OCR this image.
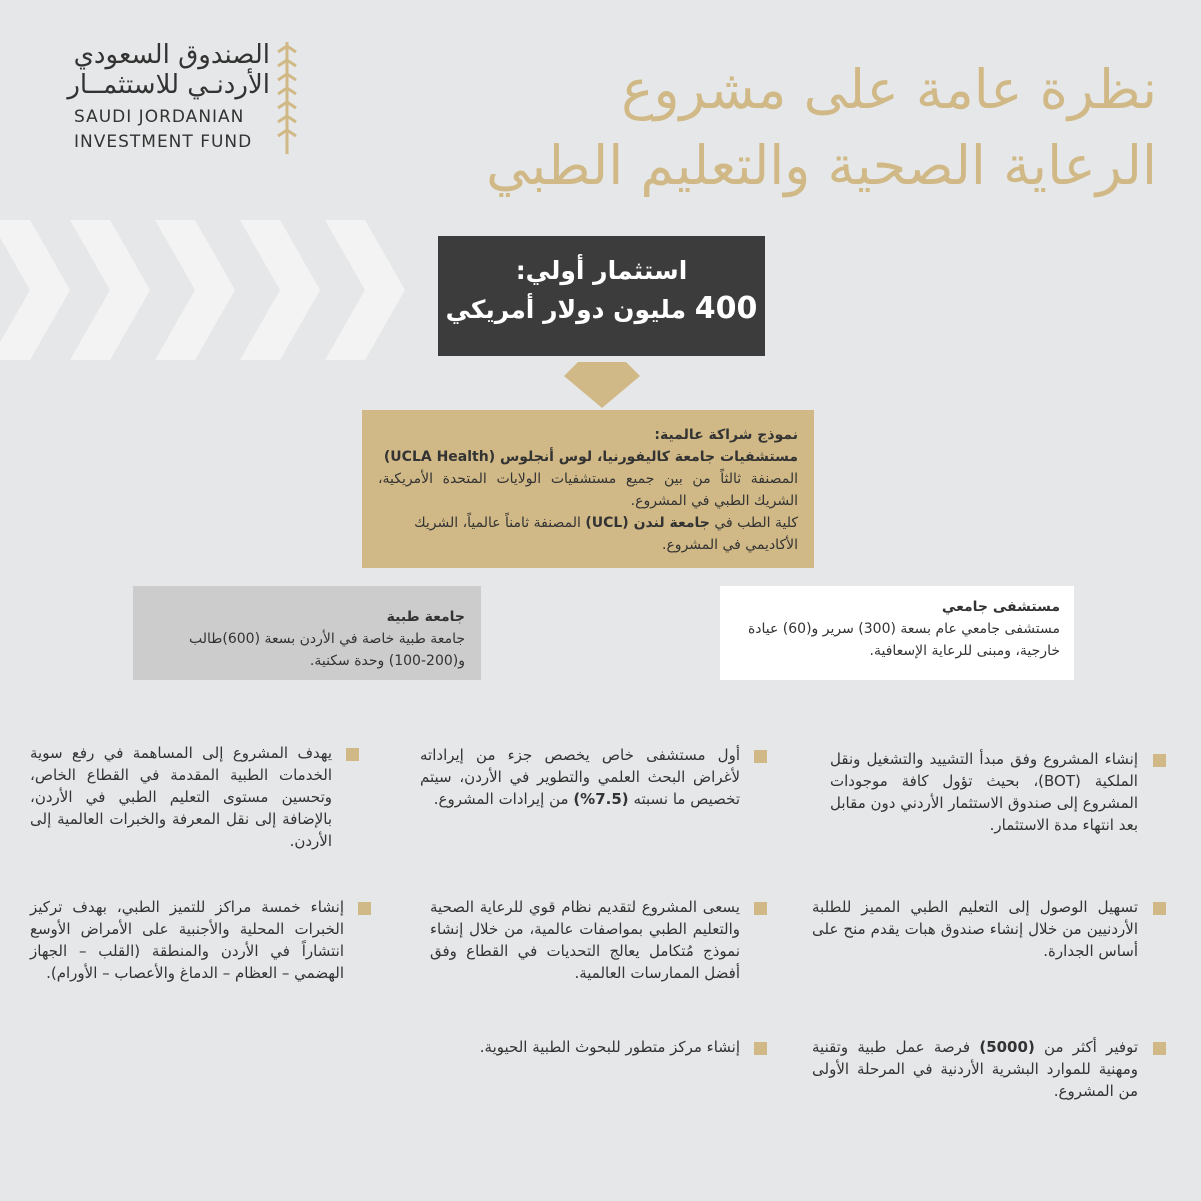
الصندوق السعودي
الأردنـي للاستثمــار
SAUDI JORDANIAN
INVESTMENT FUND
نظرة عامة على مشروع
الرعاية الصحية والتعليم الطبي
استثمار أولي:
400 مليون دولار أمريكي
نموذج شراكة عالمية:
مستشفيات جامعة كاليفورنيا، لوس أنجلوس (UCLA Health)
المصنفة ثالثاً من بين جميع مستشفيات الولايات المتحدة الأمريكية، الشريك الطبي في المشروع.
كلية الطب في جامعة لندن (UCL) المصنفة ثامناً عالمياً، الشريك الأكاديمي في المشروع.
جامعة طبية
جامعة طبية خاصة في الأردن بسعة (600)طالب و(200-100) وحدة سكنية.
مستشفى جامعي
مستشفى جامعي عام بسعة (300) سرير و(60) عيادة خارجية، ومبنى للرعاية الإسعافية.
إنشاء المشروع وفق مبدأ التشييد والتشغيل ونقل الملكية (BOT)، بحيث تؤول كافة موجودات المشروع إلى صندوق الاستثمار الأردني دون مقابل بعد انتهاء مدة الاستثمار.
أول مستشفى خاص يخصص جزء من إيراداته لأغراض البحث العلمي والتطوير في الأردن، سيتم تخصيص ما نسبته (7.5%) من إيرادات المشروع.
يهدف المشروع إلى المساهمة في رفع سوية الخدمات الطبية المقدمة في القطاع الخاص، وتحسين مستوى التعليم الطبي في الأردن، بالإضافة إلى نقل المعرفة والخبرات العالمية إلى الأردن.
تسهيل الوصول إلى التعليم الطبي المميز للطلبة الأردنيين من خلال إنشاء صندوق هبات يقدم منح على أساس الجدارة.
يسعى المشروع لتقديم نظام قوي للرعاية الصحية والتعليم الطبي بمواصفات عالمية، من خلال إنشاء نموذج مُتكامل يعالج التحديات في القطاع وفق أفضل الممارسات العالمية.
إنشاء خمسة مراكز للتميز الطبي، بهدف تركيز الخبرات المحلية والأجنبية على الأمراض الأوسع انتشاراً في الأردن والمنطقة (القلب – الجهاز الهضمي – العظام – الدماغ والأعصاب – الأورام).
توفير أكثر من (5000) فرصة عمل طبية وتقنية ومهنية للموارد البشرية الأردنية في المرحلة الأولى من المشروع.
إنشاء مركز متطور للبحوث الطبية الحيوية.
